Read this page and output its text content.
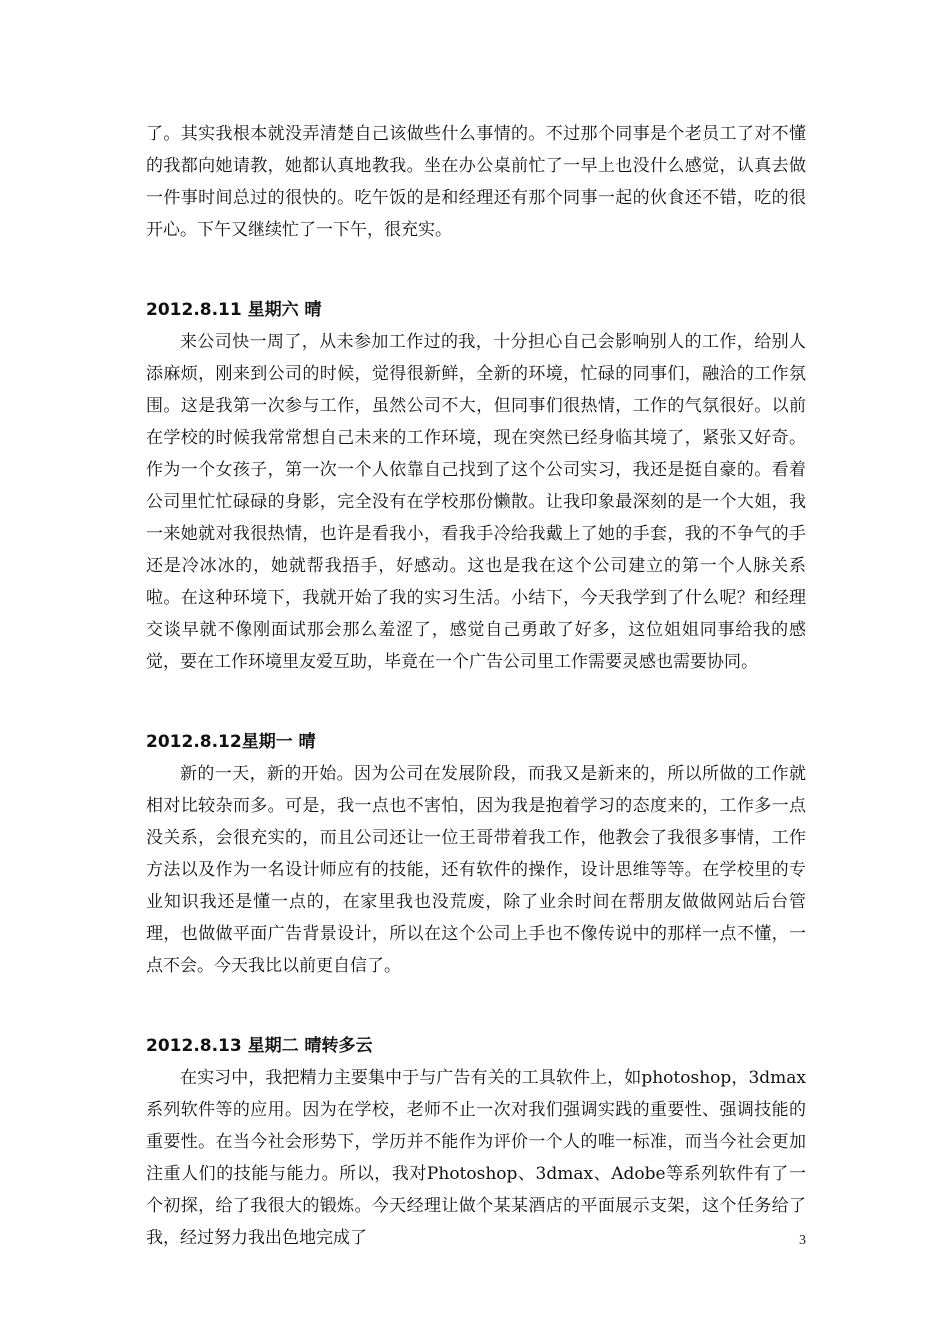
了。其实我根本就没弄清楚自己该做些什么事情的。不过那个同事是个老员工了对不懂的我都向她请教，她都认真地教我。坐在办公桌前忙了一早上也没什么感觉，认真去做一件事时间总过的很快的。吃午饭的是和经理还有那个同事一起的伙食还不错，吃的很开心。下午又继续忙了一下午，很充实。

2012.8.11 星期六 晴

来公司快一周了，从未参加工作过的我，十分担心自己会影响别人的工作，给别人添麻烦，刚来到公司的时候，觉得很新鲜，全新的环境，忙碌的同事们，融洽的工作氛围。这是我第一次参与工作，虽然公司不大，但同事们很热情，工作的气氛很好。以前在学校的时候我常常想自己未来的工作环境，现在突然已经身临其境了，紧张又好奇。作为一个女孩子，第一次一个人依靠自己找到了这个公司实习，我还是挺自豪的。看着公司里忙忙碌碌的身影，完全没有在学校那份懒散。让我印象最深刻的是一个大姐，我一来她就对我很热情，也许是看我小，看我手冷给我戴上了她的手套，我的不争气的手还是冷冰冰的，她就帮我捂手，好感动。这也是我在这个公司建立的第一个人脉关系啦。在这种环境下，我就开始了我的实习生活。小结下，今天我学到了什么呢？和经理交谈早就不像刚面试那会那么羞涩了，感觉自己勇敢了好多，这位姐姐同事给我的感觉，要在工作环境里友爱互助，毕竟在一个广告公司里工作需要灵感也需要协同。

2012.8.12星期一 晴

新的一天，新的开始。因为公司在发展阶段，而我又是新来的，所以所做的工作就相对比较杂而多。可是，我一点也不害怕，因为我是抱着学习的态度来的，工作多一点没关系，会很充实的，而且公司还让一位王哥带着我工作，他教会了我很多事情，工作方法以及作为一名设计师应有的技能，还有软件的操作，设计思维等等。在学校里的专业知识我还是懂一点的，在家里我也没荒废，除了业余时间在帮朋友做做网站后台管理，也做做平面广告背景设计，所以在这个公司上手也不像传说中的那样一点不懂，一点不会。今天我比以前更自信了。

2012.8.13 星期二 晴转多云

在实习中，我把精力主要集中于与广告有关的工具软件上，如photoshop，3dmax系列软件等的应用。因为在学校，老师不止一次对我们强调实践的重要性、强调技能的重要性。在当今社会形势下，学历并不能作为评价一个人的唯一标准，而当今社会更加注重人们的技能与能力。所以，我对Photoshop、3dmax、Adobe等系列软件有了一个初探，给了我很大的锻炼。今天经理让做个某某酒店的平面展示支架，这个任务给了我，经过努力我出色地完成了	3
